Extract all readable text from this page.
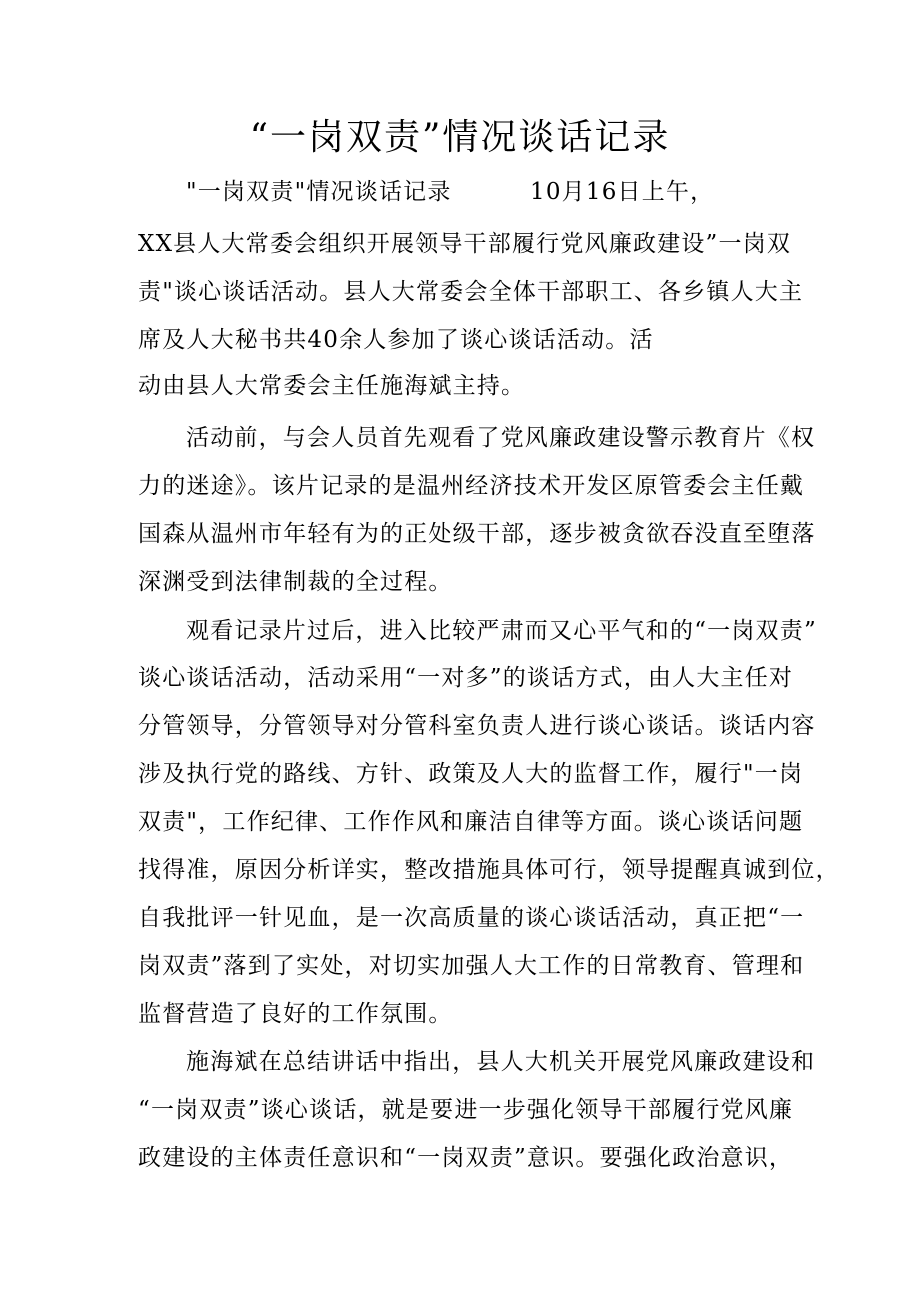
“一岗双责”情况谈话记录
"一岗双责"情况谈话记录	10月16日上午，
XX县人大常委会组织开展领导干部履行党风廉政建设”一岗双
责"谈心谈话活动。县人大常委会全体干部职工、各乡镇人大主
席及人大秘书共40余人参加了谈心谈话活动。活
动由县人大常委会主任施海斌主持。
活动前，与会人员首先观看了党风廉政建设警示教育片《权
力的迷途》。该片记录的是温州经济技术开发区原管委会主任戴
国森从温州市年轻有为的正处级干部，逐步被贪欲吞没直至堕落
深渊受到法律制裁的全过程。
观看记录片过后，进入比较严肃而又心平气和的“一岗双责”
谈心谈话活动，活动采用“一对多”的谈话方式，由人大主任对
分管领导，分管领导对分管科室负责人进行谈心谈话。谈话内容
涉及执行党的路线、方针、政策及人大的监督工作，履行"一岗
双责"，工作纪律、工作作风和廉洁自律等方面。谈心谈话问题
找得准，原因分析详实，整改措施具体可行，领导提醒真诚到位，
自我批评一针见血，是一次高质量的谈心谈话活动，真正把“一
岗双责”落到了实处，对切实加强人大工作的日常教育、管理和
监督营造了良好的工作氛围。
施海斌在总结讲话中指出，县人大机关开展党风廉政建设和
“一岗双责”谈心谈话，就是要进一步强化领导干部履行党风廉
政建设的主体责任意识和“一岗双责”意识。要强化政治意识，
